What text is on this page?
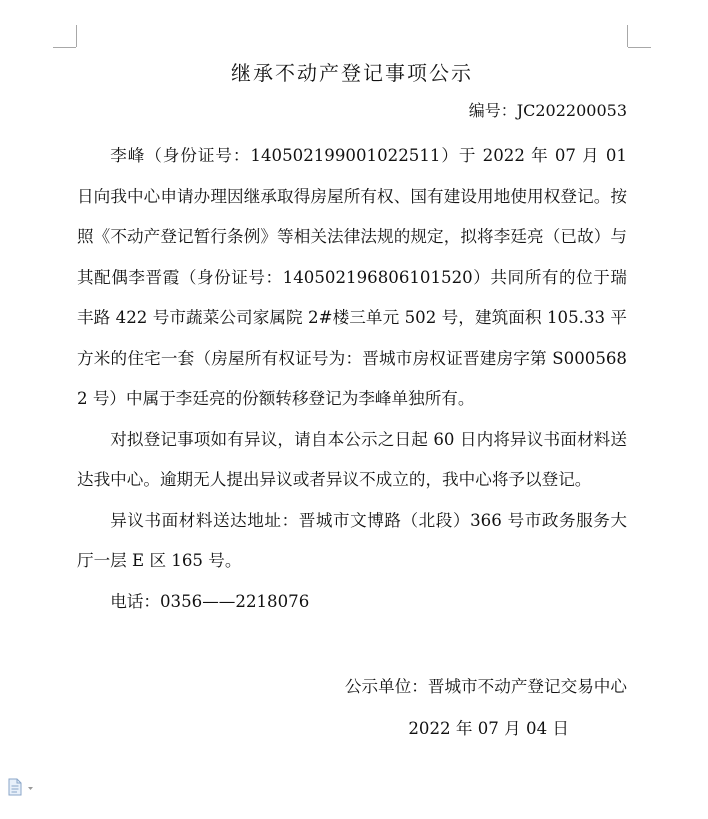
继承不动产登记事项公示
编号：JC202200053

李峰（身份证号：140502199001022511）于 2022 年 07 月 01 日向我中心申请办理因继承取得房屋所有权、国有建设用地使用权登记。按照《不动产登记暂行条例》等相关法律法规的规定，拟将李廷亮（已故）与其配偶李晋霞（身份证号：140502196806101520）共同所有的位于瑞丰路 422 号市蔬菜公司家属院 2#楼三单元 502 号，建筑面积 105.33 平方米的住宅一套（房屋所有权证号为：晋城市房权证晋建房字第 S0005682 号）中属于李廷亮的份额转移登记为李峰单独所有。

对拟登记事项如有异议，请自本公示之日起 60 日内将异议书面材料送达我中心。逾期无人提出异议或者异议不成立的，我中心将予以登记。

异议书面材料送达地址：晋城市文博路（北段）366 号市政务服务大厅一层 E 区 165 号。

电话：0356——2218076

公示单位：晋城市不动产登记交易中心
2022 年 07 月 04 日
